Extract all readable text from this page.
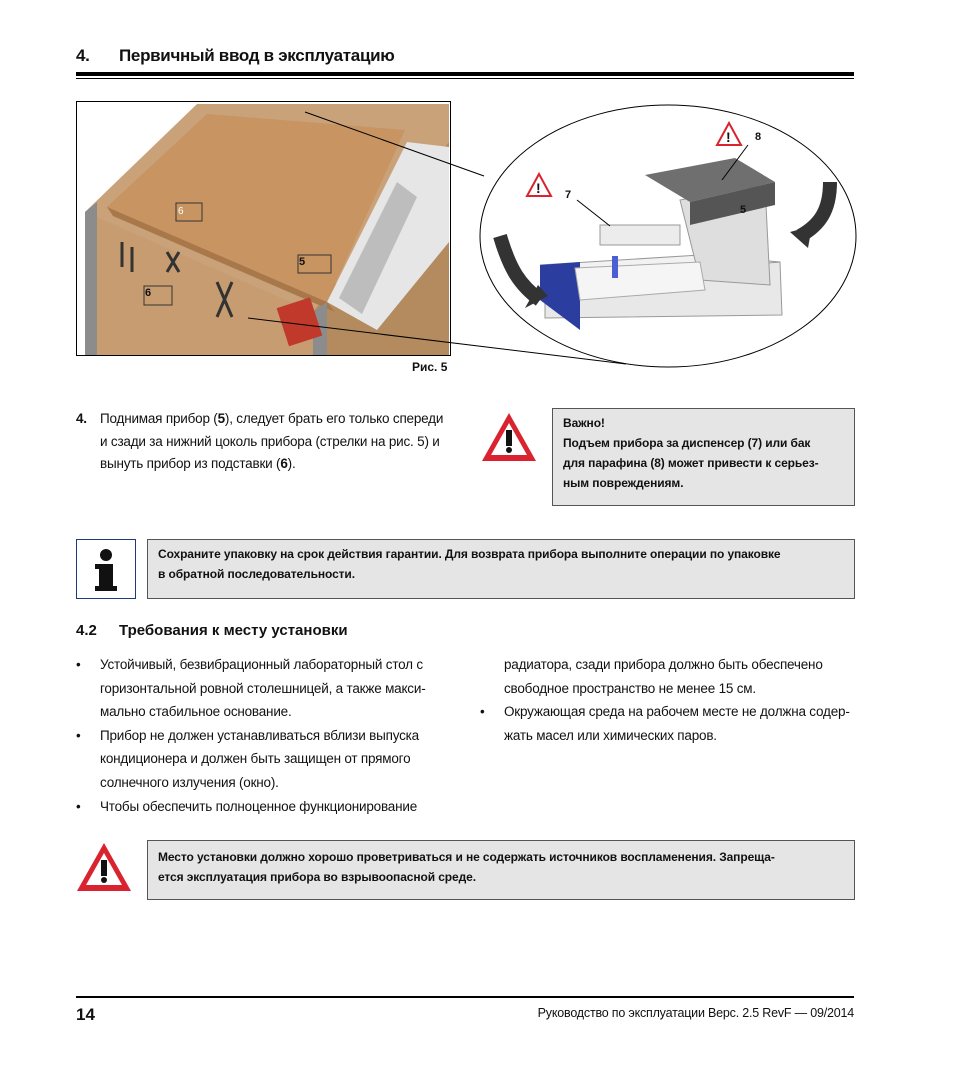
4. Первичный ввод в эксплуатацию
6
5
6
!
! 8
7
5
Рис. 5
4. Поднимая прибор (5), следует брать его только спереди
и сзади за нижний цоколь прибора (стрелки на рис. 5) и
вынуть прибор из подставки (6).
Важно!
Подъем прибора за диспенсер (7) или бак
для парафина (8) может привести к серьез-
ным повреждениям.
Сохраните упаковку на срок действия гарантии. Для возврата прибора выполните операции по упаковке
в обратной последовательности.
4.2 Требования к месту установки
• Устойчивый, безвибрационный лабораторный стол с
горизонтальной ровной столешницей, а также макси-
мально стабильное основание.
• Прибор не должен устанавливаться вблизи выпуска
кондиционера и должен быть защищен от прямого
солнечного излучения (окно).
• Чтобы обеспечить полноценное функционирование
радиатора, сзади прибора должно быть обеспечено
свободное пространство не менее 15 см.
• Окружающая среда на рабочем месте не должна содер-
жать масел или химических паров.
Место установки должно хорошо проветриваться и не содержать источников воспламенения. Запреща-
ется эксплуатация прибора во взрывоопасной среде.
14	Руководство по эксплуатации Верс. 2.5 RevF — 09/2014
